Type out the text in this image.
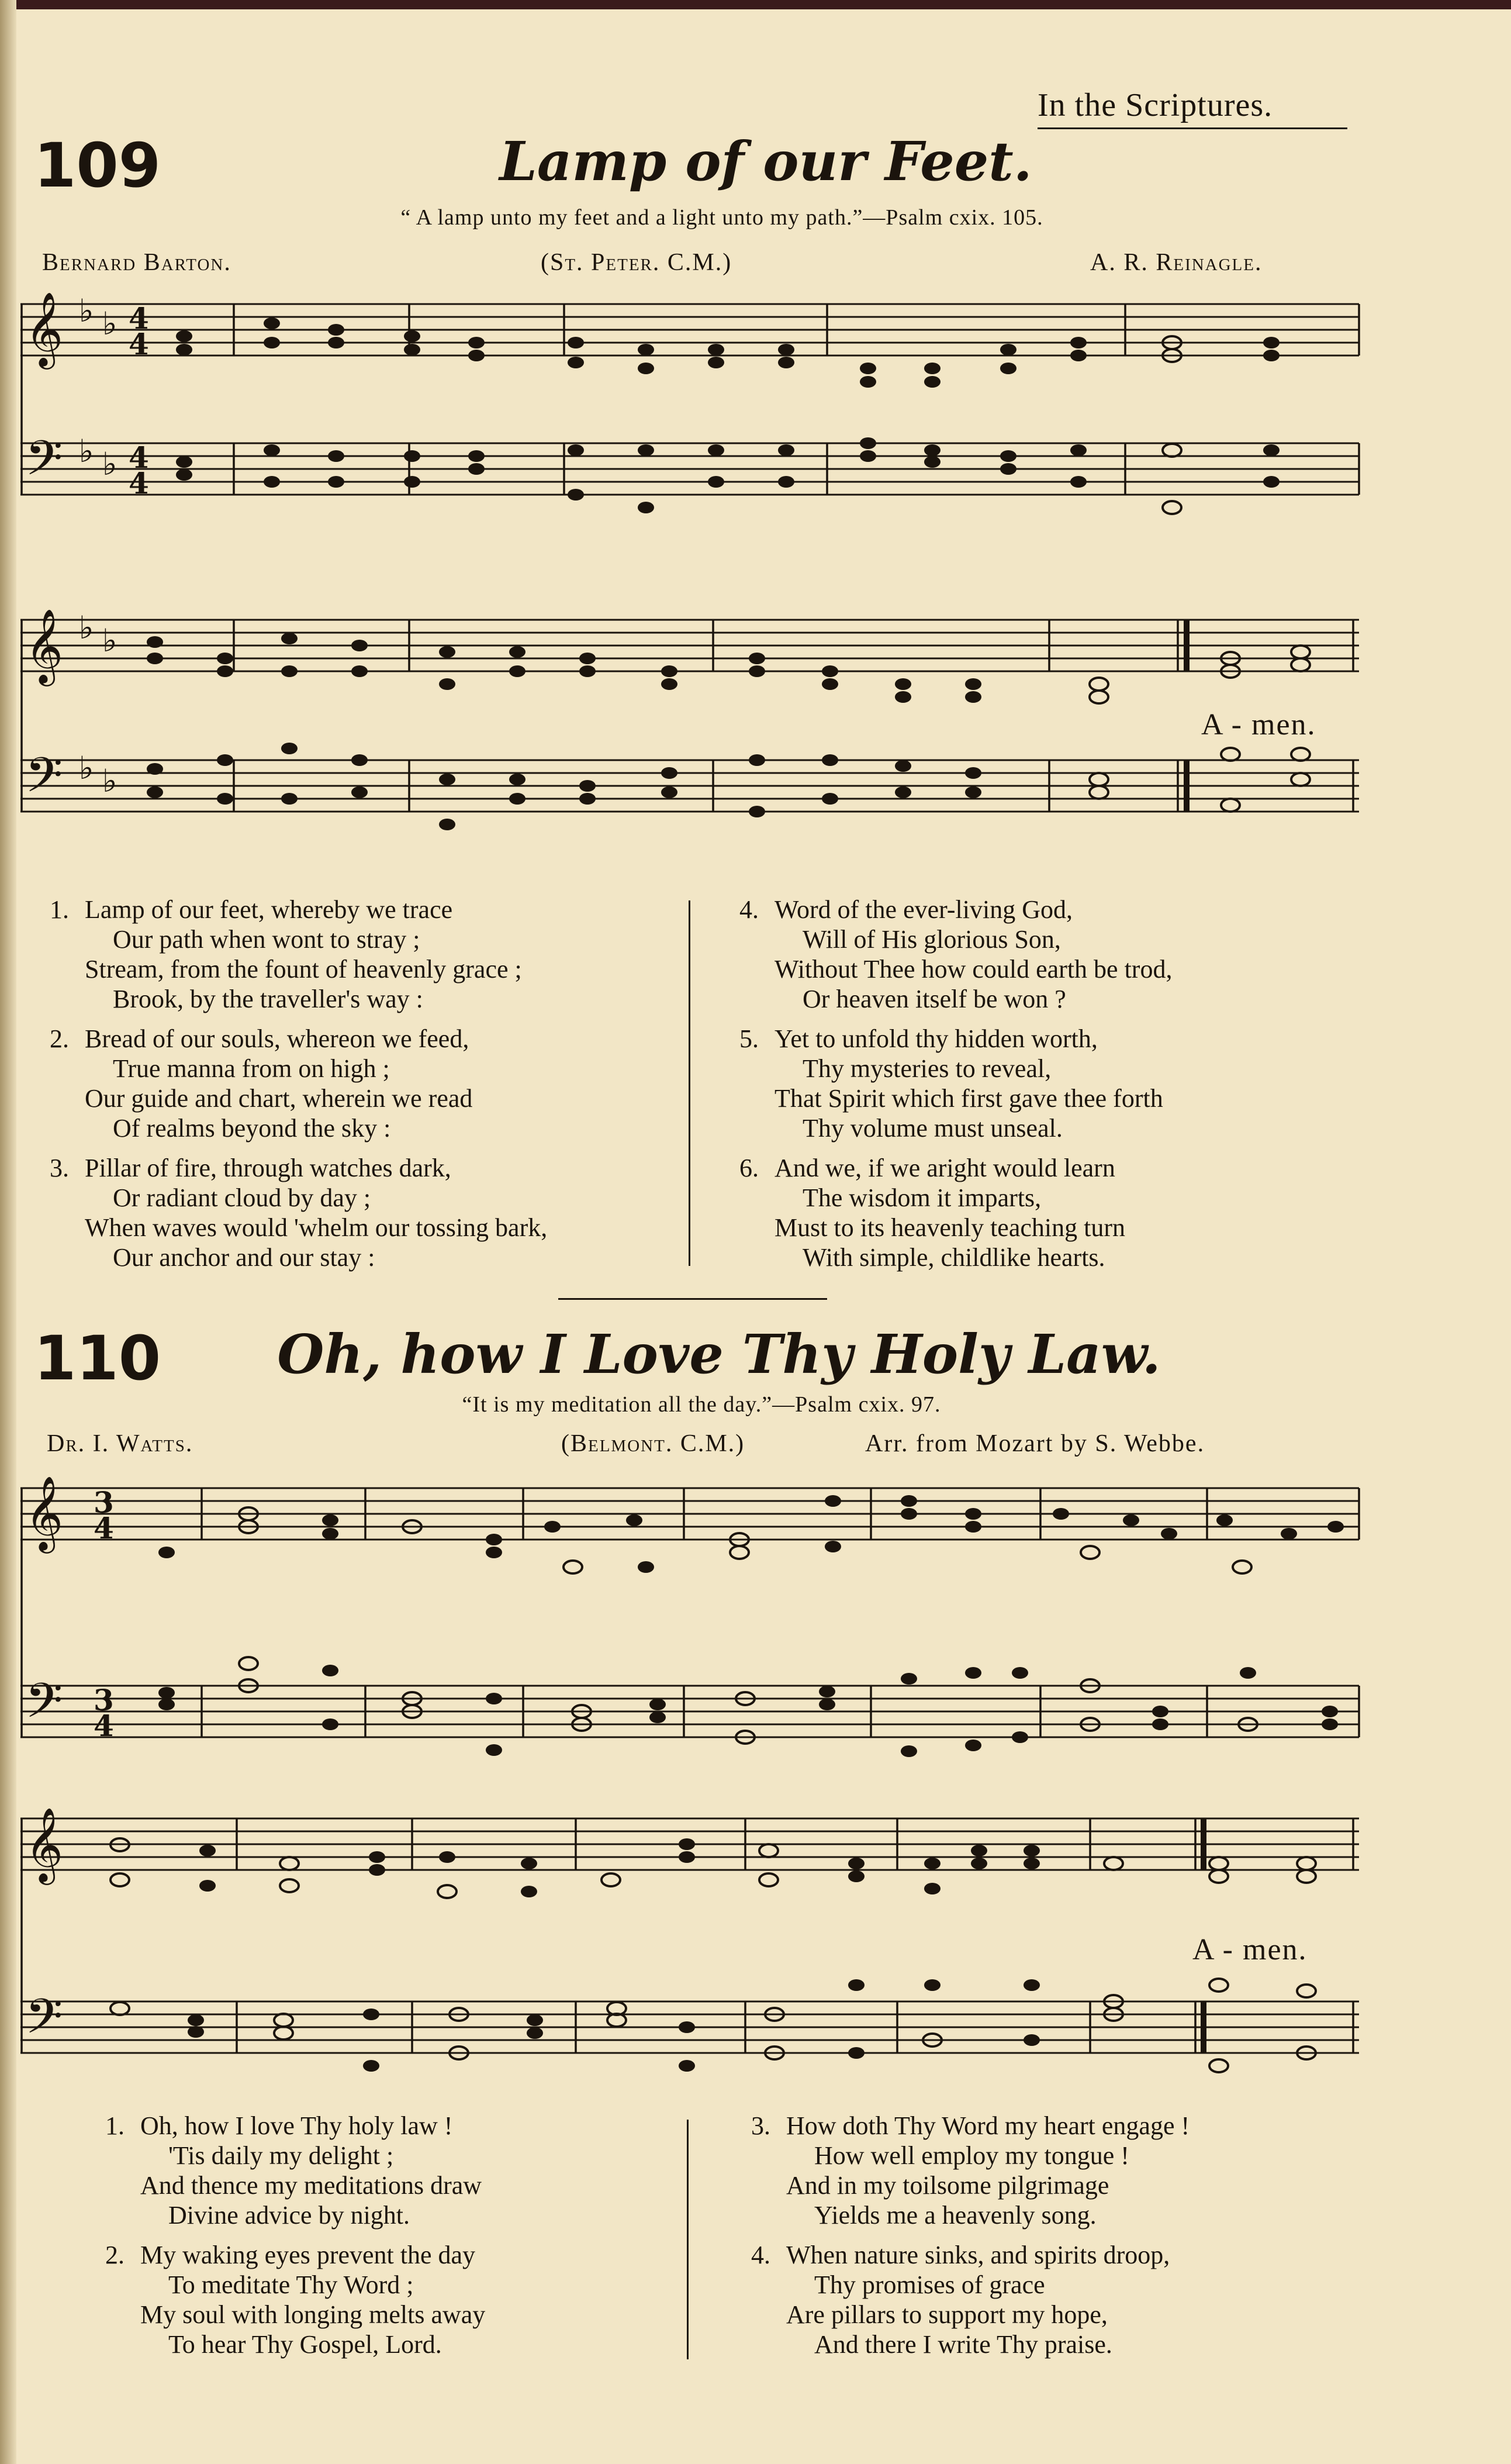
In the Scriptures.
109	Lamp of our Feet.
“ A lamp unto my feet and a light unto my path.”—Psalm cxix. 105.
Bernard Barton.	(St. Peter. C.M.)	A. R. Reinagle.
𝄞
𝄢
𝄞
𝄢
♭ ♭
♭ ♭
♭ ♭
♭ ♭
4
4
4
4
A - men.

1. Lamp of our feet, whereby we trace
Our path when wont to stray ;
Stream, from the fount of heavenly grace ;
Brook, by the traveller's way :

2. Bread of our souls, whereon we feed,
True manna from on high ;
Our guide and chart, wherein we read
Of realms beyond the sky :

3. Pillar of fire, through watches dark,
Or radiant cloud by day ;
When waves would 'whelm our tossing bark,
Our anchor and our stay :

4. Word of the ever-living God,
Will of His glorious Son,
Without Thee how could earth be trod,
Or heaven itself be won ?

5. Yet to unfold thy hidden worth,
Thy mysteries to reveal,
That Spirit which first gave thee forth
Thy volume must unseal.

6. And we, if we aright would learn
The wisdom it imparts,
Must to its heavenly teaching turn
With simple, childlike hearts.

110	Oh, how I Love Thy Holy Law.
“It is my meditation all the day.”—Psalm cxix. 97.
Dr. I. Watts.	(Belmont. C.M.)	Arr. from Mozart by S. Webbe.
𝄞
𝄢
𝄞
𝄢
3
4
3
4
A - men.

1. Oh, how I love Thy holy law !
'Tis daily my delight ;
And thence my meditations draw
Divine advice by night.

2. My waking eyes prevent the day
To meditate Thy Word ;
My soul with longing melts away
To hear Thy Gospel, Lord.

3. How doth Thy Word my heart engage !
How well employ my tongue !
And in my toilsome pilgrimage
Yields me a heavenly song.

4. When nature sinks, and spirits droop,
Thy promises of grace
Are pillars to support my hope,
And there I write Thy praise.
